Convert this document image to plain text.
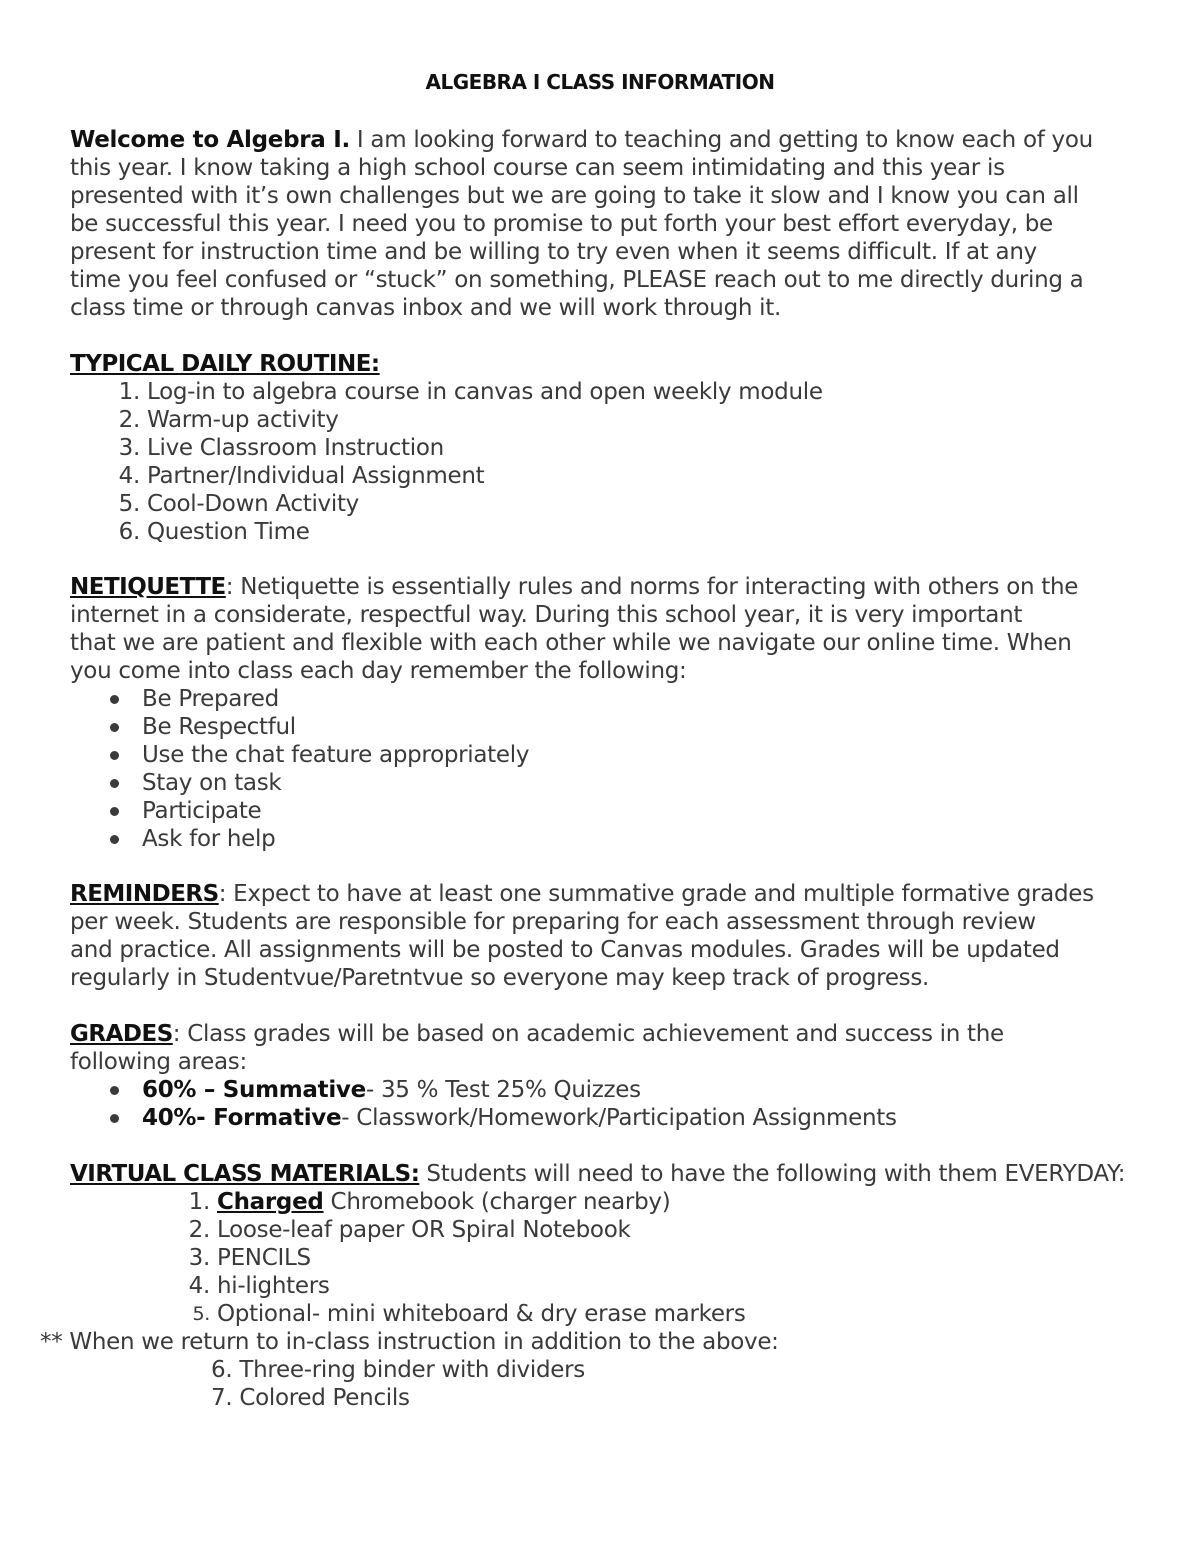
ALGEBRA I CLASS INFORMATION
Welcome to Algebra I. I am looking forward to teaching and getting to know each of you
this year. I know taking a high school course can seem intimidating and this year is
presented with it’s own challenges but we are going to take it slow and I know you can all
be successful this year. I need you to promise to put forth your best effort everyday, be
present for instruction time and be willing to try even when it seems difficult. If at any
time you feel confused or “stuck” on something, PLEASE reach out to me directly during a
class time or through canvas inbox and we will work through it.
TYPICAL DAILY ROUTINE:
1. Log-in to algebra course in canvas and open weekly module
2. Warm-up activity
3. Live Classroom Instruction
4. Partner/Individual Assignment
5. Cool-Down Activity
6. Question Time
NETIQUETTE: Netiquette is essentially rules and norms for interacting with others on the
internet in a considerate, respectful way. During this school year, it is very important
that we are patient and flexible with each other while we navigate our online time. When
you come into class each day remember the following:
Be Prepared
Be Respectful
Use the chat feature appropriately
Stay on task
Participate
Ask for help
REMINDERS: Expect to have at least one summative grade and multiple formative grades
per week. Students are responsible for preparing for each assessment through review
and practice. All assignments will be posted to Canvas modules. Grades will be updated
regularly in Studentvue/Paretntvue so everyone may keep track of progress.
GRADES: Class grades will be based on academic achievement and success in the
following areas:
60% – Summative - 35 % Test 25% Quizzes
40%- Formative - Classwork/Homework/Participation Assignments
VIRTUAL CLASS MATERIALS: Students will need to have the following with them EVERYDAY:
1. Charged Chromebook (charger nearby)
2. Loose-leaf paper OR Spiral Notebook
3. PENCILS
4. hi-lighters
5. Optional- mini whiteboard & dry erase markers
** When we return to in-class instruction in addition to the above:
6. Three-ring binder with dividers
7. Colored Pencils
